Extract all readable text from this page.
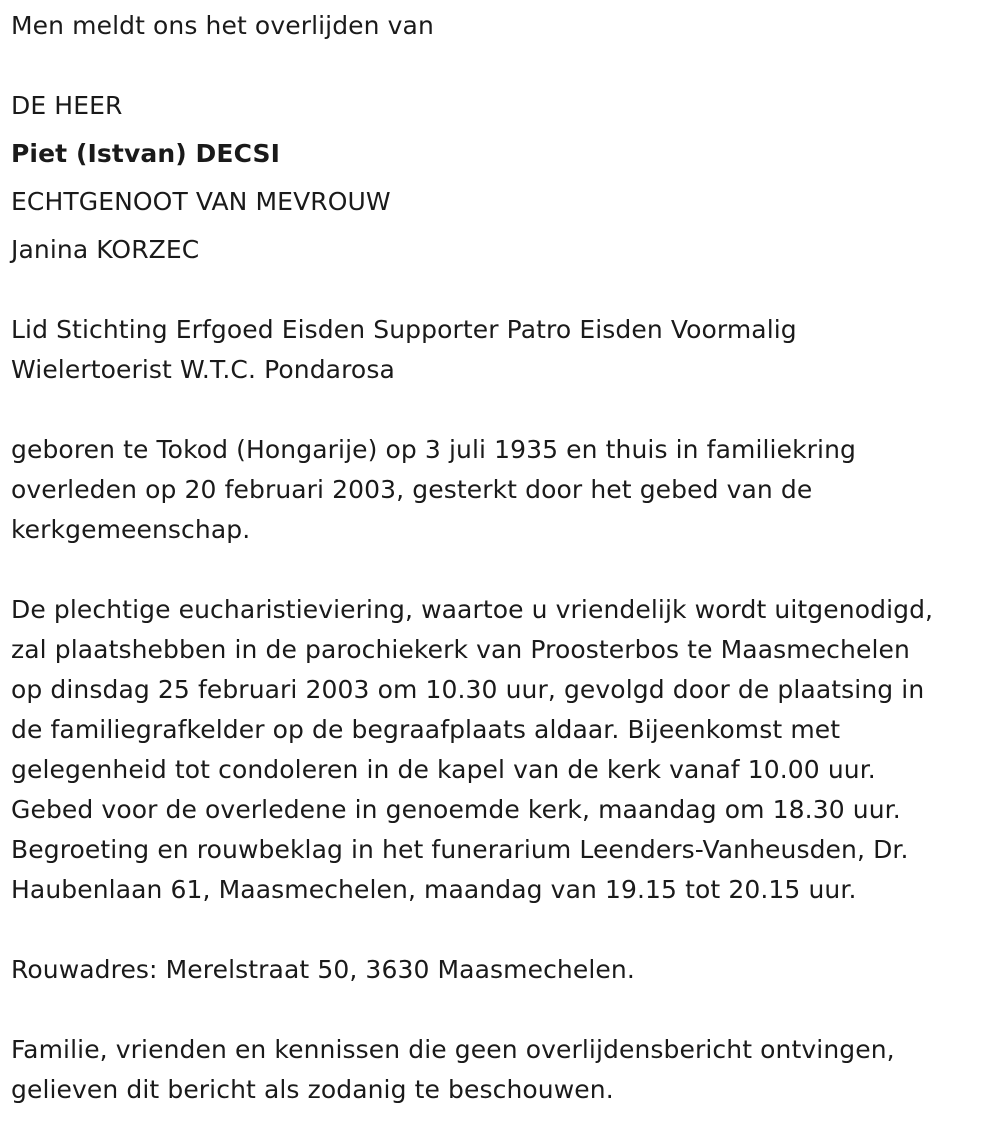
Men meldt ons het overlijden van
DE HEER
Piet (Istvan) DECSI
ECHTGENOOT VAN MEVROUW
Janina KORZEC
Lid Stichting Erfgoed Eisden Supporter Patro Eisden Voormalig
Wielertoerist W.T.C. Pondarosa
geboren te Tokod (Hongarije) op 3 juli 1935 en thuis in familiekring
overleden op 20 februari 2003, gesterkt door het gebed van de
kerkgemeenschap.
De plechtige eucharistieviering, waartoe u vriendelijk wordt uitgenodigd,
zal plaatshebben in de parochiekerk van Proosterbos te Maasmechelen
op dinsdag 25 februari 2003 om 10.30 uur, gevolgd door de plaatsing in
de familiegrafkelder op de begraafplaats aldaar. Bijeenkomst met
gelegenheid tot condoleren in de kapel van de kerk vanaf 10.00 uur.
Gebed voor de overledene in genoemde kerk, maandag om 18.30 uur.
Begroeting en rouwbeklag in het funerarium Leenders-Vanheusden, Dr.
Haubenlaan 61, Maasmechelen, maandag van 19.15 tot 20.15 uur.
Rouwadres: Merelstraat 50, 3630 Maasmechelen.
Familie, vrienden en kennissen die geen overlijdensbericht ontvingen,
gelieven dit bericht als zodanig te beschouwen.
